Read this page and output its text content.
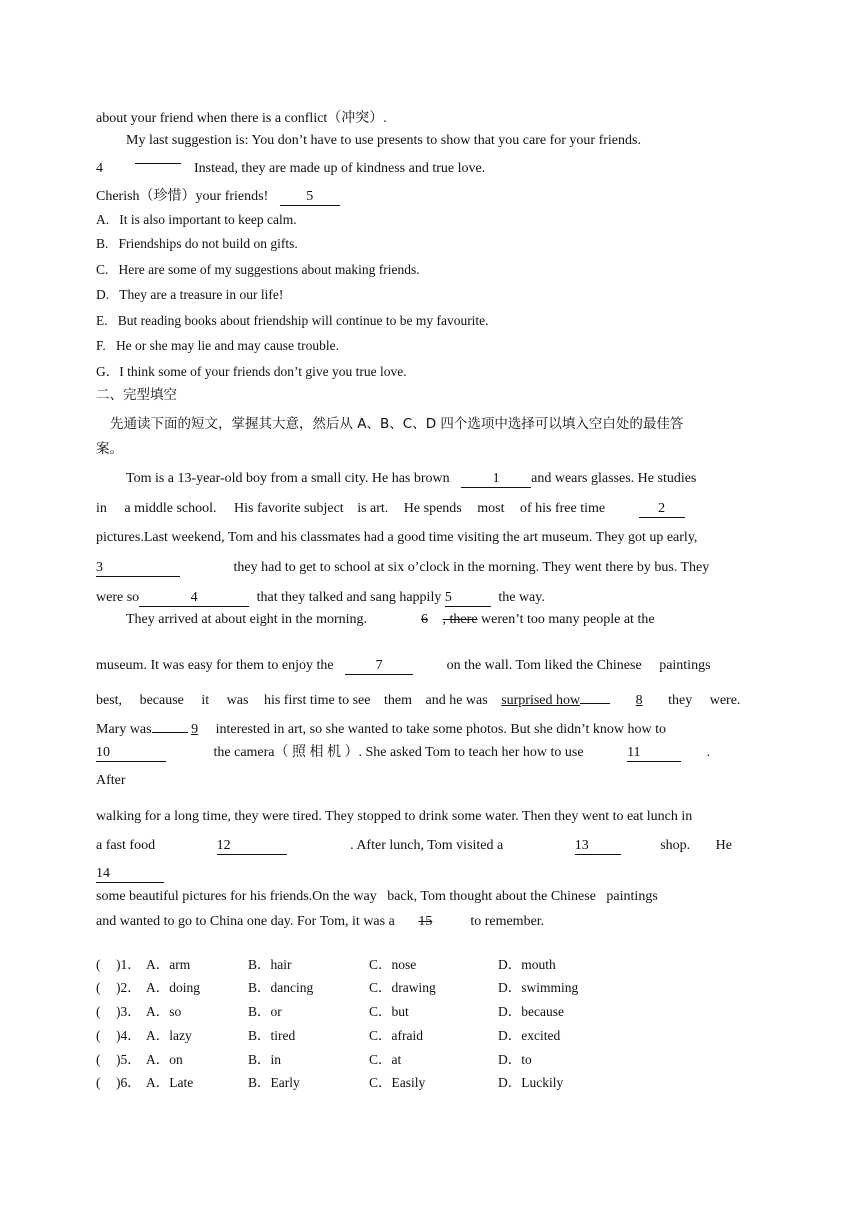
about your friend when there is a conflict（冲突）.
My last suggestion is: You don’t have to use presents to show that you care for your friends.
4	Instead, they are made up of kindness and true love.
Cherish（珍惜）your friends!	5
A. It is also important to keep calm.
B. Friendships do not build on gifts.
C. Here are some of my suggestions about making friends.
D. They are a treasure in our life!
E. But reading books about friendship will continue to be my favourite.
F. He or she may lie and may cause trouble.
G．I think some of your friends don’t give you true love.
二、完型填空
先通读下面的短文，掌握其大意，然后从 A、B、C、D 四个选项中选择可以填入空白处的最佳答
案。
Tom is a 13-year-old boy from a small city. He has brown	1 and wears glasses. He studies
in a middle school. His favorite subject is art. He spends most of his free time	2
pictures.Last weekend, Tom and his classmates had a good time visiting the art museum. They got up early,
3	they had to get to school at six o’clock in the morning. They went there by bus. They
were so	4	that they talked and sang happily 5	the way.
They arrived at about eight in the morning.	6 , there weren’t too many people at the
museum. It was easy for them to enjoy the	7	on the wall. Tom liked the Chinese paintings
best, because it was his first time to see them and he was surprised how	8 they were.
Mary was	9 interested in art, so she wanted to take some photos. But she didn’t know how to
10	the camera（ 照 相 机 ）. She asked Tom to teach her how to use	11	.
After
walking for a long time, they were tired. They stopped to drink some water. Then they went to eat lunch in
a fast food	12	. After lunch, Tom visited a	13	shop. He
14
some beautiful pictures for his friends.On the way   back, Tom thought about the Chinese   paintings
and wanted to go to China one day. For Tom, it was a 15	to remember.
( )1． A．arm	B．hair	C．nose	D．mouth
( )2． A．doing	B．dancing	C．drawing	D．swimming
( )3． A．so	B．or	C．but	D．because
( )4． A．lazy	B．tired	C．afraid	D．excited
( )5． A．on	B．in	C．at	D．to
( )6． A．Late	B．Early	C．Easily	D．Luckily
